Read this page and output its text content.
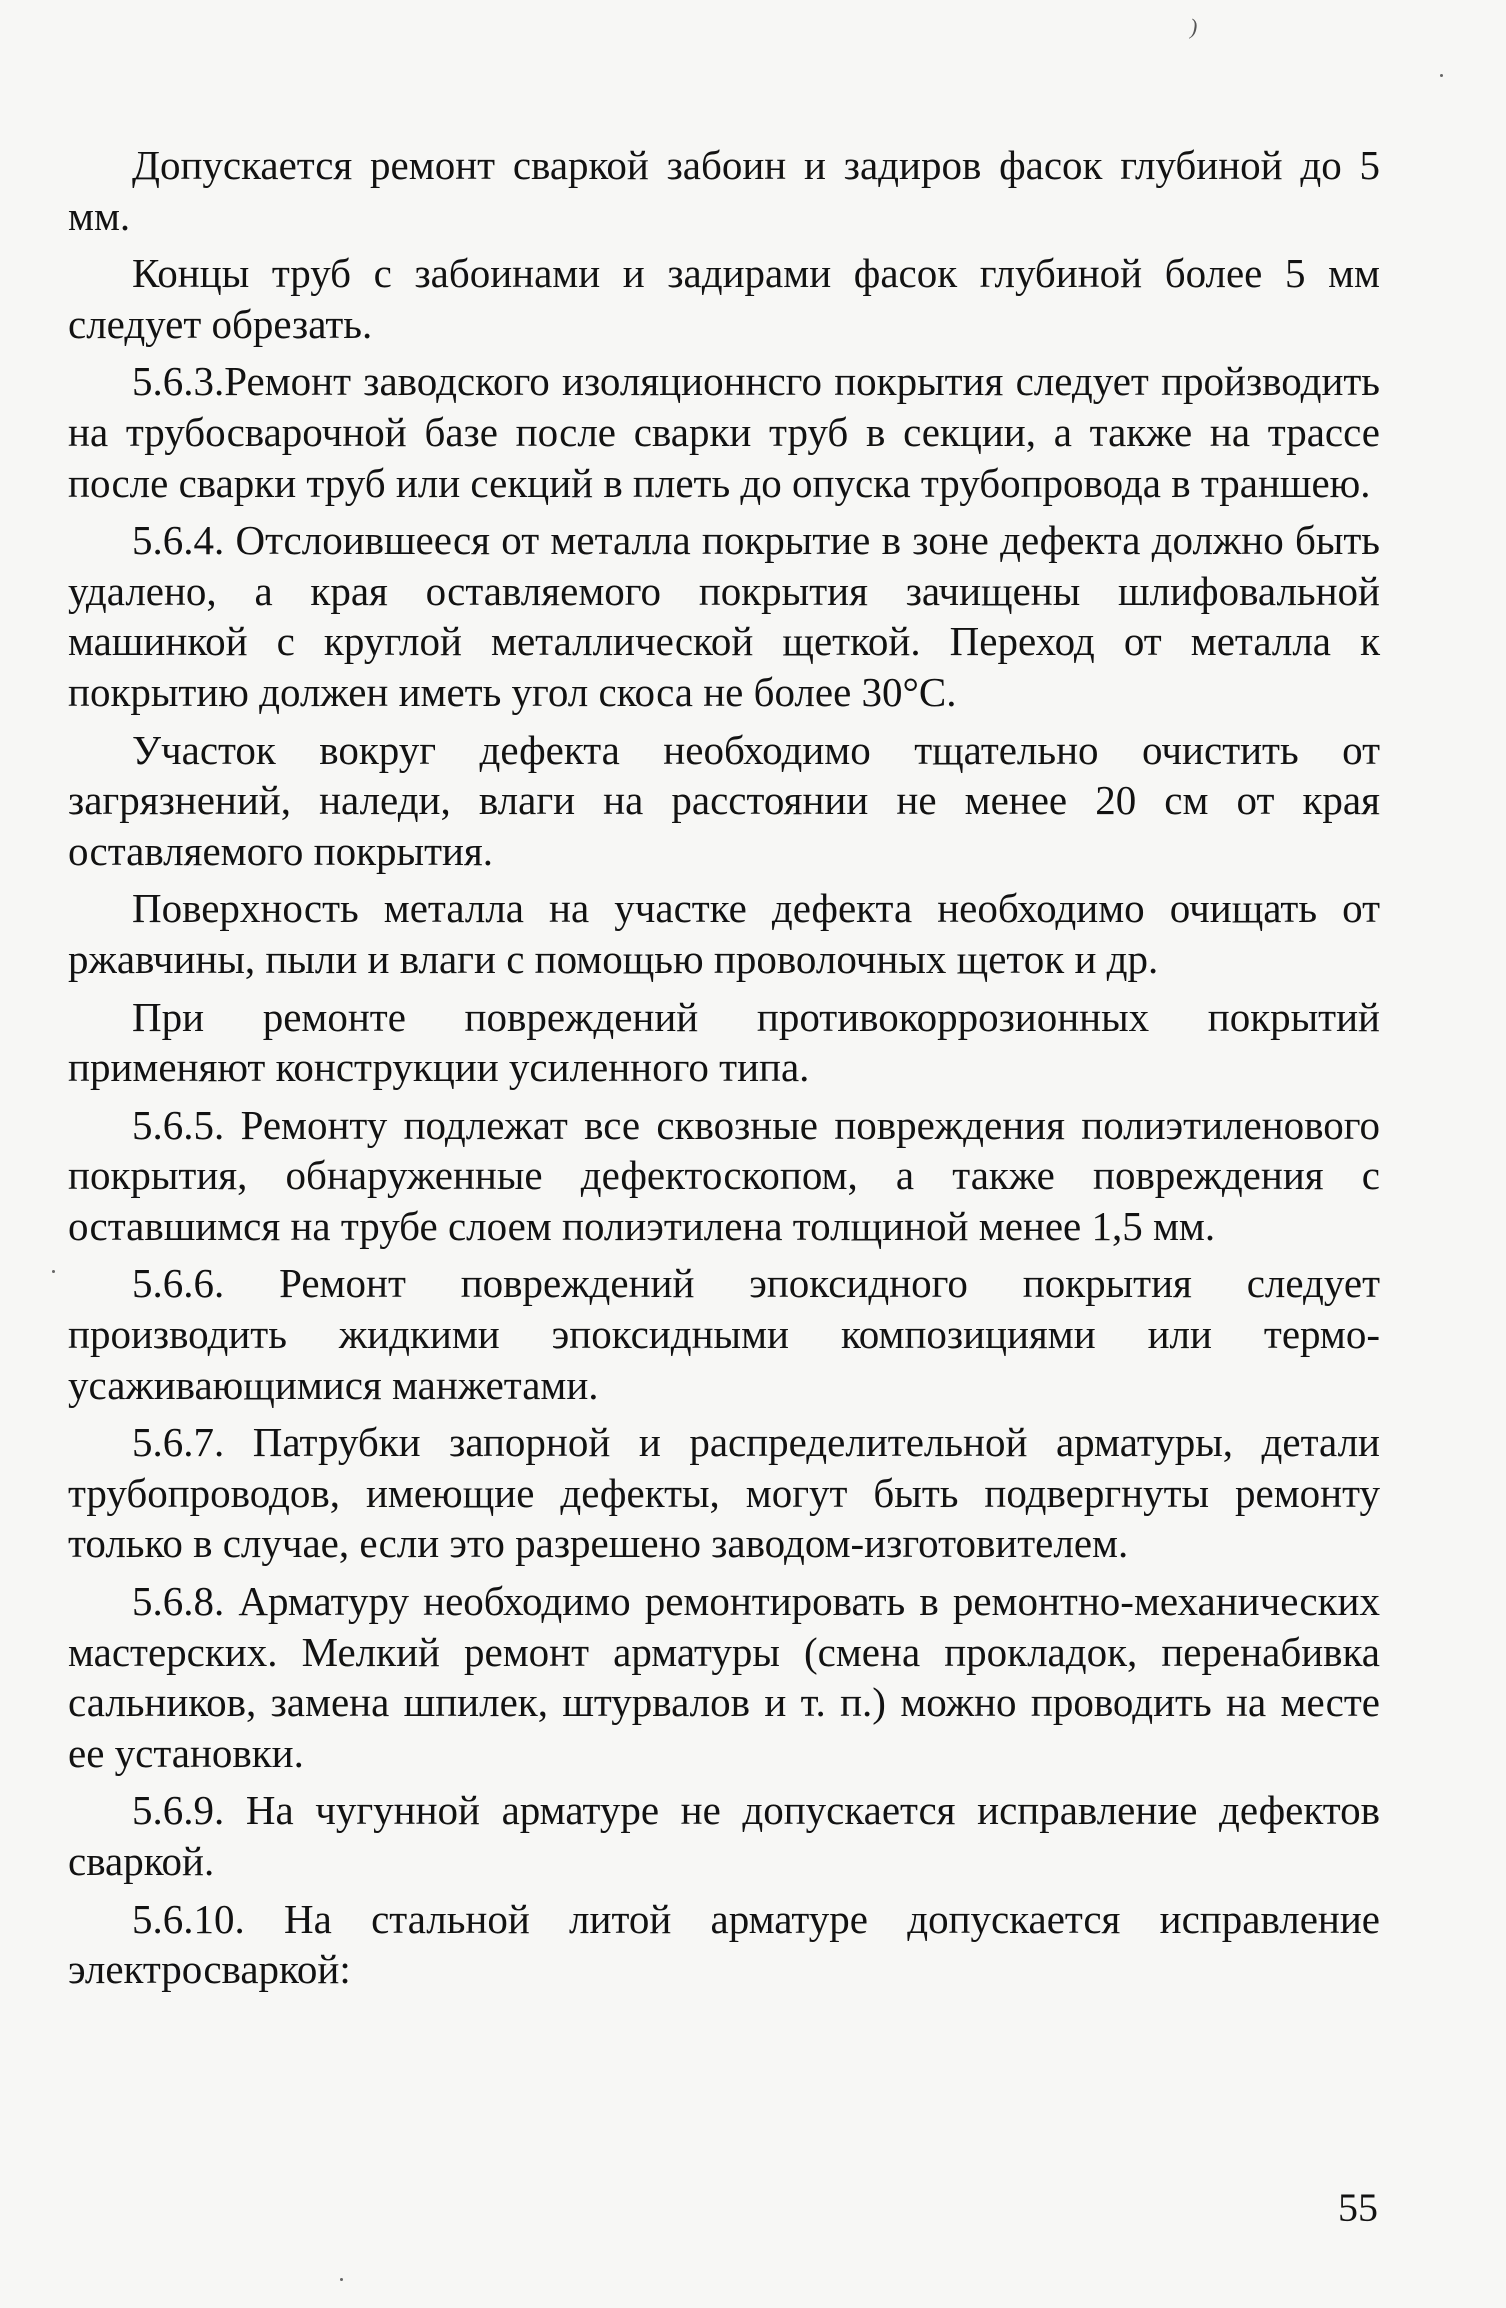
)

Допускается ремонт сваркой забоин и задиров фасок глубиной до 5 мм.

Концы труб с забоинами и задирами фасок глубиной более 5 мм следует обрезать.

5.6.3.Ремонт заводского изоляционнсго покрытия следует пройзводить на трубосварочной базе после сварки труб в секции, а также на трассе после сварки труб или секций в плеть до опуска трубопровода в траншею.

5.6.4. Отслоившееся от металла покрытие в зоне дефекта должно быть удалено, а края оставляемого покрытия зачищены шлифовальной машинкой с круглой металлической щеткой. Переход от металла к покрытию должен иметь угол скоса не более 30°С.

Участок вокруг дефекта необходимо тщательно очистить от загрязнений, наледи, влаги на расстоянии не менее 20 см от края оставляемого покрытия.

Поверхность металла на участке дефекта необходимо очищать от ржавчины, пыли и влаги с помощью проволочных щеток и др.

При ремонте повреждений противокоррозионных покрытий применяют конструкции усиленного типа.

5.6.5. Ремонту подлежат все сквозные повреждения полиэтиленового покрытия, обнаруженные дефектоскопом, а также повреждения с оставшимся на трубе слоем полиэтилена толщиной менее 1,5 мм.

5.6.6. Ремонт повреждений эпоксидного покрытия следует производить жидкими эпоксидными композициями или термоусаживающимися манжетами.

5.6.7. Патрубки запорной и распределительной арматуры, детали трубопроводов, имеющие дефекты, могут быть подвергнуты ремонту только в случае, если это разрешено заводом-изготовителем.

5.6.8. Арматуру необходимо ремонтировать в ремонтно-механических мастерских. Мелкий ремонт арматуры (смена прокладок, перенабивка сальников, замена шпилек, штурвалов и т. п.) можно проводить на месте ее установки.

5.6.9. На чугунной арматуре не допускается исправление дефектов сваркой.

5.6.10. На стальной литой арматуре допускается исправление электросваркой:

55
